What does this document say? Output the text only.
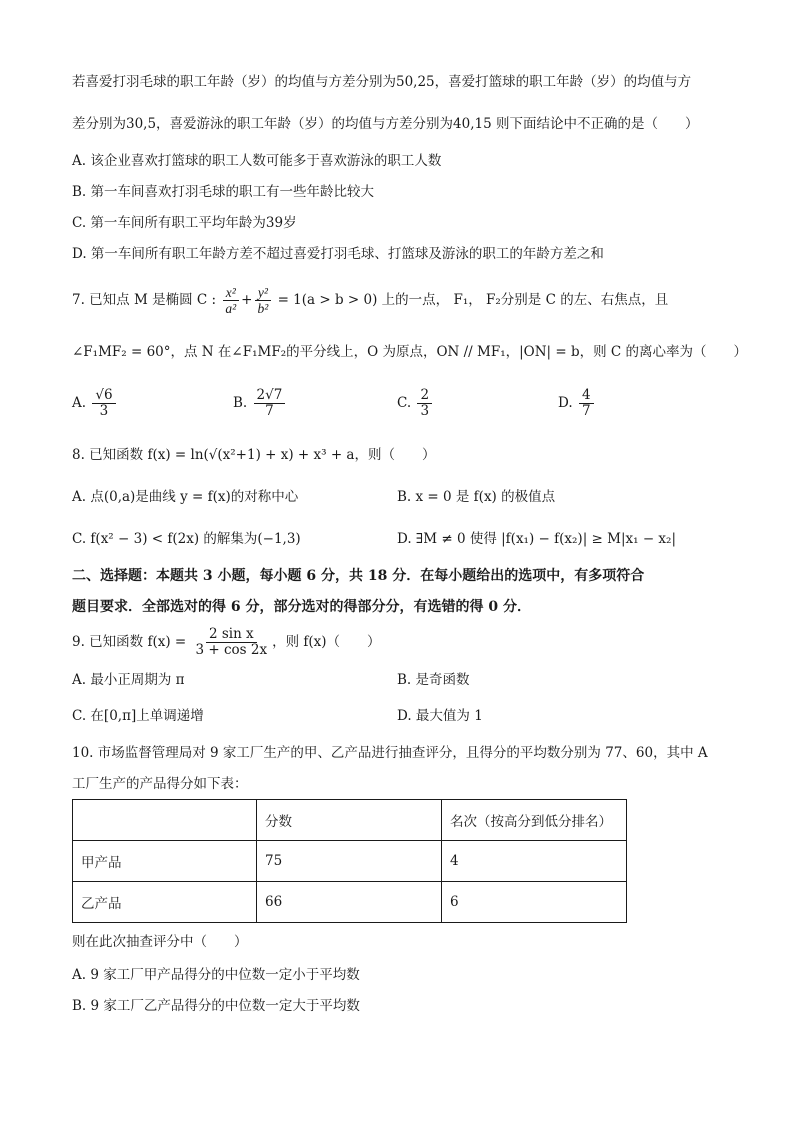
若喜爱打羽毛球的职工年龄（岁）的均值与方差分别为50,25，喜爱打篮球的职工年龄（岁）的均值与方
差分别为30,5，喜爱游泳的职工年龄（岁）的均值与方差分别为40,15 则下面结论中不正确的是（　　）
A. 该企业喜欢打篮球的职工人数可能多于喜欢游泳的职工人数
B. 第一车间喜欢打羽毛球的职工有一些年龄比较大
C. 第一车间所有职工平均年龄为39岁
D. 第一车间所有职工年龄方差不超过喜爱打羽毛球、打篮球及游泳的职工的年龄方差之和
7. 已知点 M 是椭圆 C : $\frac{\text{x²}}{\text{a²}} + \frac{\text{y²}}{\text{b²}} = 1(a > b > 0)$ 上的一点， F₁， F₂分别是 C 的左、右焦点，且
∠F₁MF₂ = 60°，点 N 在∠F₁MF₂的平分线上，O 为原点，ON // MF₁，|ON| = b，则 C 的离心率为（　　）
A. $\frac{√6}{3}$	B. $\frac{2√7}{7}$	C. $\frac{2}{3}$	D. $\frac{4}{7}$
8. 已知函数 f(x) = ln(√(x²+1) + x) + x³ + a，则（　　）
A. 点(0,a)是曲线 y = f(x)的对称中心	B. x = 0 是 f(x) 的极值点
C. f(x² − 3) < f(2x) 的解集为(−1,3)	D. ∃M ≠ 0 使得 |f(x₁) − f(x₂)| ≥ M|x₁ − x₂|
二、选择题：本题共 3 小题，每小题 6 分，共 18 分．在每小题给出的选项中，有多项符合
题目要求．全部选对的得 6 分，部分选对的得部分分，有选错的得 0 分．
9. 已知函数 $f(x) = \frac{\text{2 sin x}}{3 + \cos 2x}$ ，则 f(x)（　　）
A. 最小正周期为 π	B. 是奇函数
C. 在[0,π]上单调递增	D. 最大值为 1
10. 市场监督管理局对 9 家工厂生产的甲、乙产品进行抽查评分，且得分的平均数分别为 77、60，其中 A
工厂生产的产品得分如下表：
	分数	名次（按高分到低分排名）
甲产品	75	4
乙产品	66	6
则在此次抽查评分中（　　）
A. 9 家工厂甲产品得分的中位数一定小于平均数
B. 9 家工厂乙产品得分的中位数一定大于平均数
